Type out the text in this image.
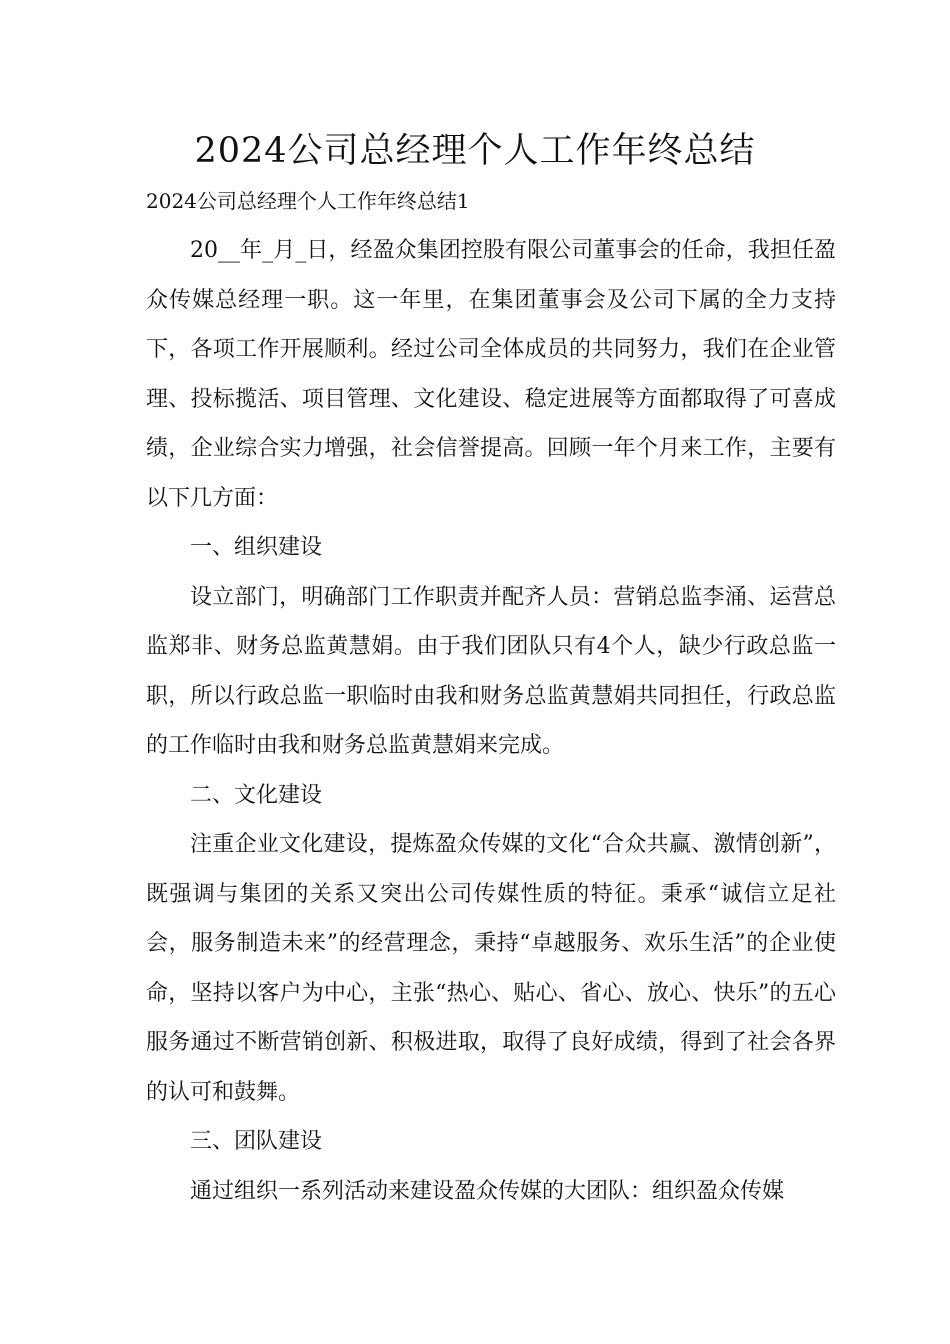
2024公司总经理个人工作年终总结
2024公司总经理个人工作年终总结1

20__年_月_日，经盈众集团控股有限公司董事会的任命，我担任盈众传媒总经理一职。这一年里，在集团董事会及公司下属的全力支持下，各项工作开展顺利。经过公司全体成员的共同努力，我们在企业管理、投标揽活、项目管理、文化建设、稳定进展等方面都取得了可喜成绩，企业综合实力增强，社会信誉提高。回顾一年个月来工作，主要有以下几方面：

一、组织建设

设立部门，明确部门工作职责并配齐人员：营销总监李涌、运营总监郑非、财务总监黄慧娟。由于我们团队只有4个人，缺少行政总监一职，所以行政总监一职临时由我和财务总监黄慧娟共同担任，行政总监的工作临时由我和财务总监黄慧娟来完成。

二、文化建设

注重企业文化建设，提炼盈众传媒的文化“合众共赢、激情创新”，既强调与集团的关系又突出公司传媒性质的特征。秉承“诚信立足社会，服务制造未来”的经营理念，秉持“卓越服务、欢乐生活”的企业使命，坚持以客户为中心，主张“热心、贴心、省心、放心、快乐”的五心服务通过不断营销创新、积极进取，取得了良好成绩，得到了社会各界的认可和鼓舞。

三、团队建设

通过组织一系列活动来建设盈众传媒的大团队：组织盈众传媒
